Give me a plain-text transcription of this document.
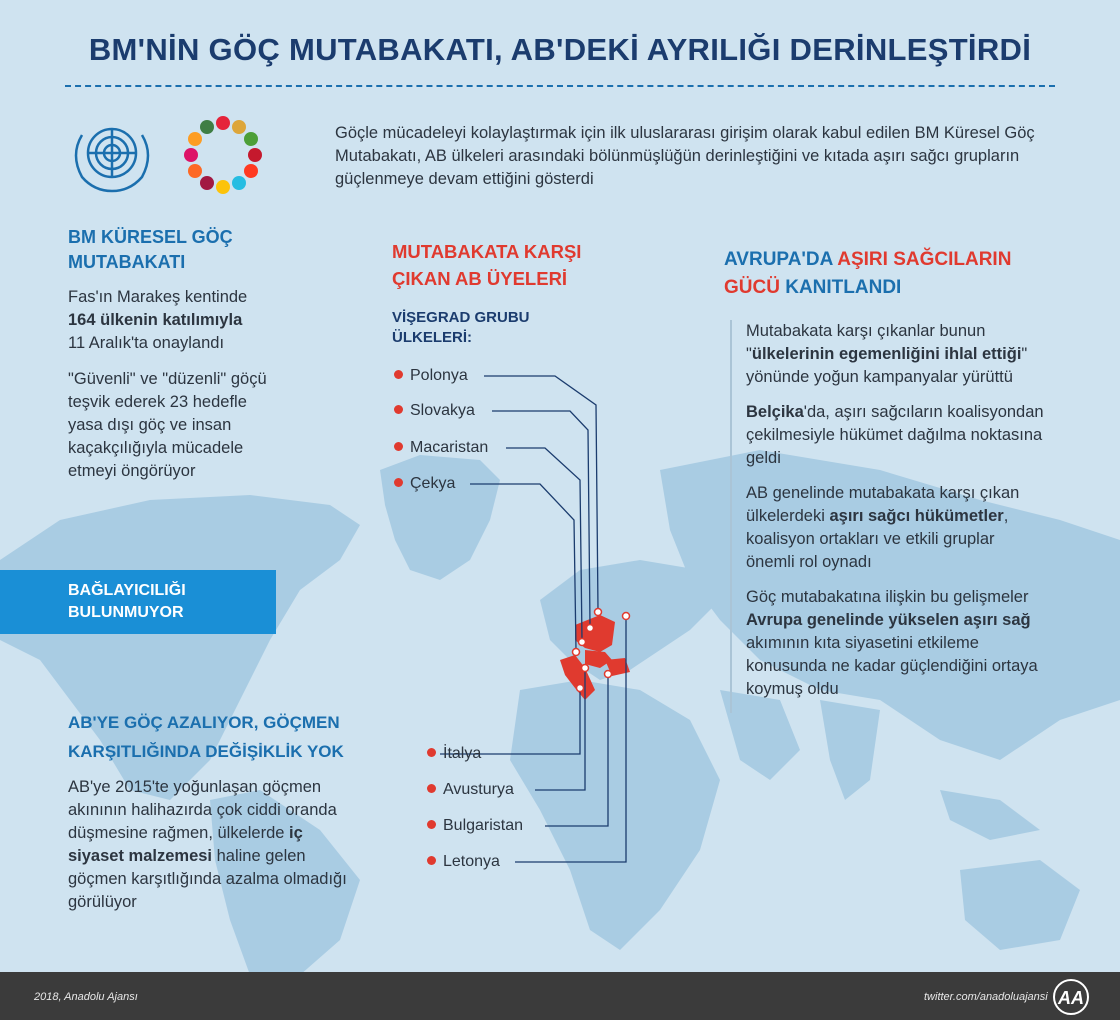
BM'NİN GÖÇ MUTABAKATI, AB'DEKİ AYRILIĞI DERİNLEŞTİRDİ
Göçle mücadeleyi kolaylaştırmak için ilk uluslararası girişim olarak kabul edilen BM Küresel Göç Mutabakatı, AB ülkeleri arasındaki bölünmüşlüğün derinleştiğini ve kıtada aşırı sağcı grupların güçlenmeye devam ettiğini gösterdi
BM KÜRESEL GÖÇ
MUTABAKATI
Fas'ın Marakeş kentinde
164 ülkenin katılımıyla
11 Aralık'ta onaylandı
"Güvenli" ve "düzenli" göçü teşvik ederek 23 hedefle yasa dışı göç ve insan kaçakçılığıyla mücadele etmeyi öngörüyor
BAĞLAYICILIĞI
BULUNMUYOR
AB'YE GÖÇ AZALIYOR, GÖÇMEN
KARŞITLIĞINDA DEĞİŞİKLİK YOK
AB'ye 2015'te yoğunlaşan göçmen akınının halihazırda çok ciddi oranda düşmesine rağmen, ülkelerde iç siyaset malzemesi haline gelen göçmen karşıtlığında azalma olmadığı görülüyor
MUTABAKATA KARŞI
ÇIKAN AB ÜYELERİ
VİŞEGRAD GRUBU
ÜLKELERİ:
Polonya
Slovakya
Macaristan
Çekya
İtalya
Avusturya
Bulgaristan
Letonya
AVRUPA'DA AŞIRI SAĞCILARIN
GÜCÜ KANITLANDI

Mutabakata karşı çıkanlar bunun "ülkelerinin egemenliğini ihlal ettiği" yönünde yoğun kampanyalar yürüttü

Belçika'da, aşırı sağcıların koalisyondan çekilmesiyle hükümet dağılma noktasına geldi

AB genelinde mutabakata karşı çıkan ülkelerdeki aşırı sağcı hükümetler, koalisyon ortakları ve etkili gruplar önemli rol oynadı

Göç mutabakatına ilişkin bu gelişmeler Avrupa genelinde yükselen aşırı sağ akımının kıta siyasetini etkileme konusunda ne kadar güçlendiğini ortaya koymuş oldu

2018, Anadolu Ajansı	twitter.com/anadoluajansi AA
